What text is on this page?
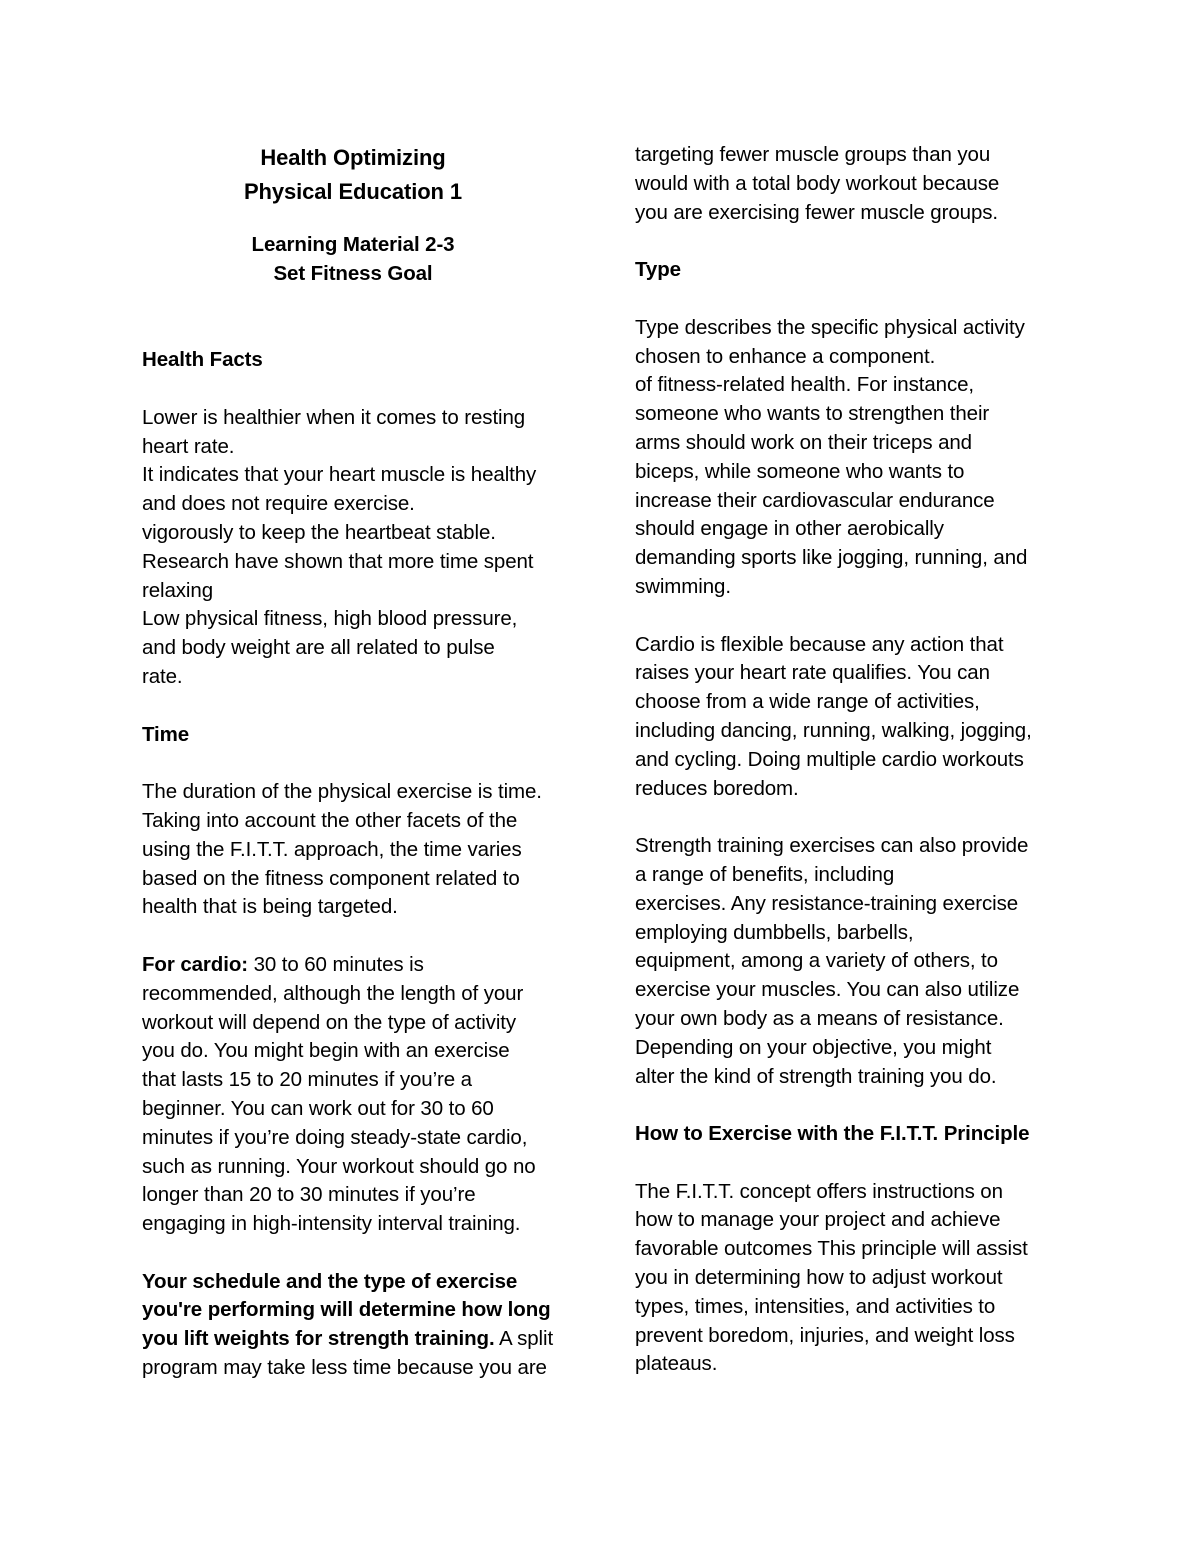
Health Optimizing
Physical Education 1
Learning Material 2-3
Set Fitness Goal
Health Facts
Lower is healthier when it comes to resting
heart rate.
It indicates that your heart muscle is healthy
and does not require exercise.
vigorously to keep the heartbeat stable.
Research have shown that more time spent
relaxing
Low physical fitness, high blood pressure,
and body weight are all related to pulse
rate.
Time
The duration of the physical exercise is time.
Taking into account the other facets of the
using the F.I.T.T. approach, the time varies
based on the fitness component related to
health that is being targeted.
For cardio: 30 to 60 minutes is
recommended, although the length of your
workout will depend on the type of activity
you do. You might begin with an exercise
that lasts 15 to 20 minutes if you’re a
beginner. You can work out for 30 to 60
minutes if you’re doing steady-state cardio,
such as running. Your workout should go no
longer than 20 to 30 minutes if you’re
engaging in high-intensity interval training.
Your schedule and the type of exercise
you're performing will determine how long
you lift weights for strength training. A split
program may take less time because you are
targeting fewer muscle groups than you
would with a total body workout because
you are exercising fewer muscle groups.
Type
Type describes the specific physical activity
chosen to enhance a component.
of fitness-related health. For instance,
someone who wants to strengthen their
arms should work on their triceps and
biceps, while someone who wants to
increase their cardiovascular endurance
should engage in other aerobically
demanding sports like jogging, running, and
swimming.
Cardio is flexible because any action that
raises your heart rate qualifies. You can
choose from a wide range of activities,
including dancing, running, walking, jogging,
and cycling. Doing multiple cardio workouts
reduces boredom.
Strength training exercises can also provide
a range of benefits, including
exercises. Any resistance-training exercise
employing dumbbells, barbells,
equipment, among a variety of others, to
exercise your muscles. You can also utilize
your own body as a means of resistance.
Depending on your objective, you might
alter the kind of strength training you do.
How to Exercise with the F.I.T.T. Principle
The F.I.T.T. concept offers instructions on
how to manage your project and achieve
favorable outcomes This principle will assist
you in determining how to adjust workout
types, times, intensities, and activities to
prevent boredom, injuries, and weight loss
plateaus.
